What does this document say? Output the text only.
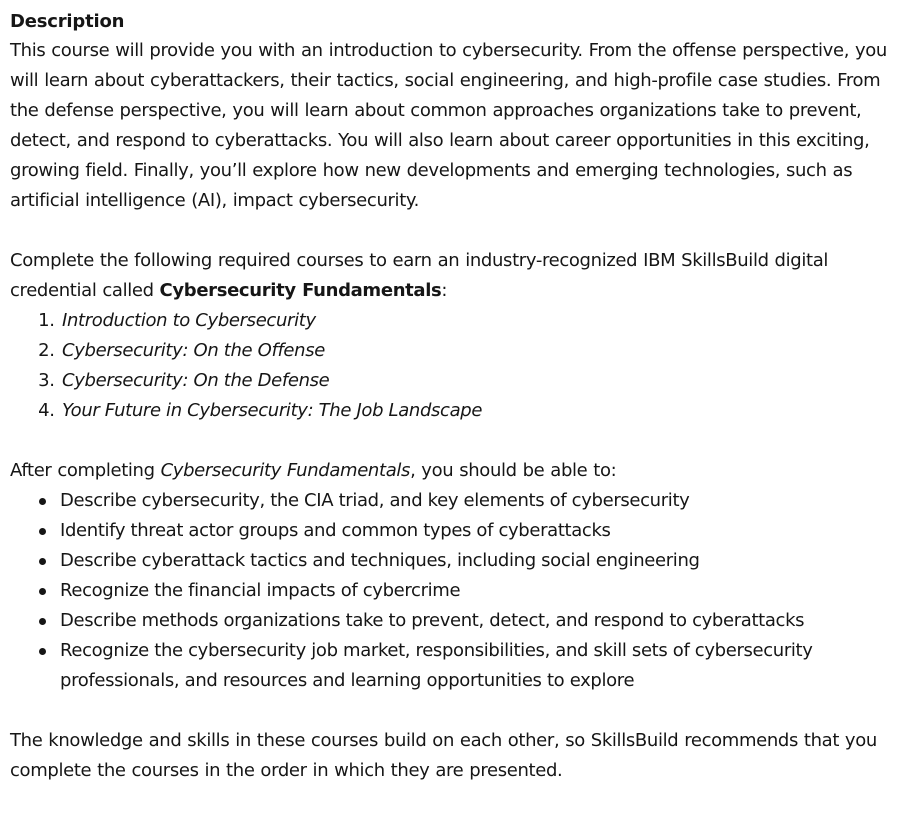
Description

This course will provide you with an introduction to cybersecurity. From the offense perspective, you will learn about cyberattackers, their tactics, social engineering, and high-profile case studies. From the defense perspective, you will learn about common approaches organizations take to prevent, detect, and respond to cyberattacks. You will also learn about career opportunities in this exciting, growing field. Finally, you’ll explore how new developments and emerging technologies, such as artificial intelligence (AI), impact cybersecurity.

Complete the following required courses to earn an industry-recognized IBM SkillsBuild digital credential called Cybersecurity Fundamentals:

1. Introduction to Cybersecurity
2. Cybersecurity: On the Offense
3. Cybersecurity: On the Defense
4. Your Future in Cybersecurity: The Job Landscape

After completing Cybersecurity Fundamentals, you should be able to:

Describe cybersecurity, the CIA triad, and key elements of cybersecurity
Identify threat actor groups and common types of cyberattacks
Describe cyberattack tactics and techniques, including social engineering
Recognize the financial impacts of cybercrime
Describe methods organizations take to prevent, detect, and respond to cyberattacks
Recognize the cybersecurity job market, responsibilities, and skill sets of cybersecurity professionals, and resources and learning opportunities to explore

The knowledge and skills in these courses build on each other, so SkillsBuild recommends that you complete the courses in the order in which they are presented.
